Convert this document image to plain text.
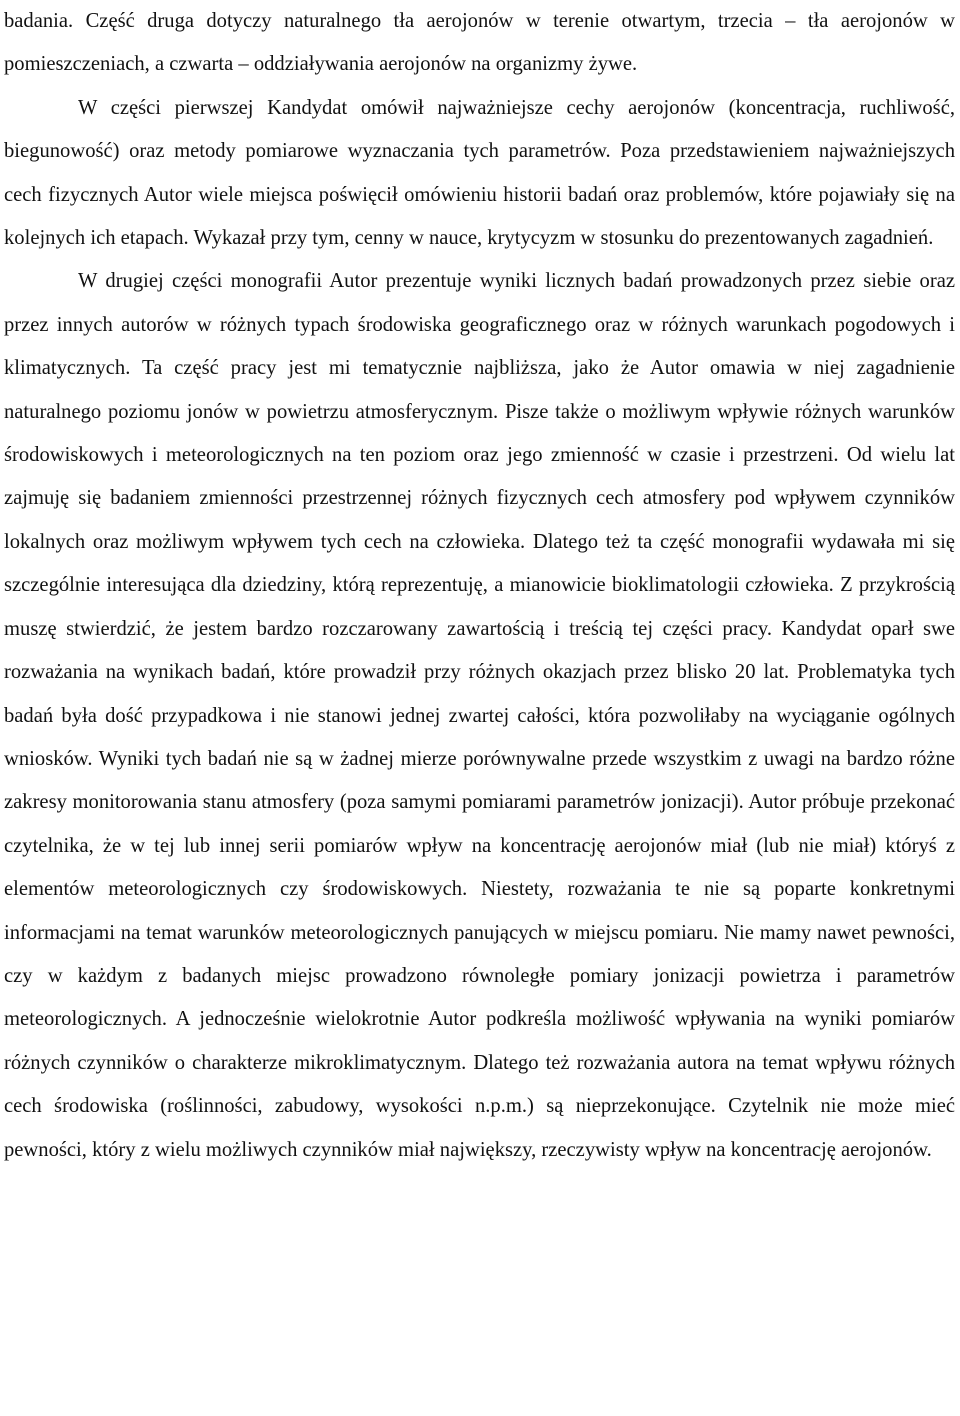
badania. Część druga dotyczy naturalnego tła aerojonów w terenie otwartym, trzecia – tła aerojonów w pomieszczeniach, a czwarta – oddziaływania aerojonów na organizmy żywe.

W części pierwszej Kandydat omówił najważniejsze cechy aerojonów (koncentracja, ruchliwość, biegunowość) oraz metody pomiarowe wyznaczania tych parametrów. Poza przedstawieniem najważniejszych cech fizycznych Autor wiele miejsca poświęcił omówieniu historii badań oraz problemów, które pojawiały się na kolejnych ich etapach. Wykazał przy tym, cenny w nauce, krytycyzm w stosunku do prezentowanych zagadnień.

W drugiej części monografii Autor prezentuje wyniki licznych badań prowadzonych przez siebie oraz przez innych autorów w różnych typach środowiska geograficznego oraz w różnych warunkach pogodowych i klimatycznych. Ta część pracy jest mi tematycznie najbliższa, jako że Autor omawia w niej zagadnienie naturalnego poziomu jonów w powietrzu atmosferycznym. Pisze także o możliwym wpływie różnych warunków środowiskowych i meteorologicznych na ten poziom oraz jego zmienność w czasie i przestrzeni. Od wielu lat zajmuję się badaniem zmienności przestrzennej różnych fizycznych cech atmosfery pod wpływem czynników lokalnych oraz możliwym wpływem tych cech na człowieka. Dlatego też ta część monografii wydawała mi się szczególnie interesująca dla dziedziny, którą reprezentuję, a mianowicie bioklimatologii człowieka. Z przykrością muszę stwierdzić, że jestem bardzo rozczarowany zawartością i treścią tej części pracy. Kandydat oparł swe rozważania na wynikach badań, które prowadził przy różnych okazjach przez blisko 20 lat. Problematyka tych badań była dość przypadkowa i nie stanowi jednej zwartej całości, która pozwoliłaby na wyciąganie ogólnych wniosków. Wyniki tych badań nie są w żadnej mierze porównywalne przede wszystkim z uwagi na bardzo różne zakresy monitorowania stanu atmosfery (poza samymi pomiarami parametrów jonizacji). Autor próbuje przekonać czytelnika, że w tej lub innej serii pomiarów wpływ na koncentrację aerojonów miał (lub nie miał) któryś z elementów meteorologicznych czy środowiskowych. Niestety, rozważania te nie są poparte konkretnymi informacjami na temat warunków meteorologicznych panujących w miejscu pomiaru. Nie mamy nawet pewności, czy w każdym z badanych miejsc prowadzono równoległe pomiary jonizacji powietrza i parametrów meteorologicznych. A jednocześnie wielokrotnie Autor podkreśla możliwość wpływania na wyniki pomiarów różnych czynników o charakterze mikroklimatycznym. Dlatego też rozważania autora na temat wpływu różnych cech środowiska (roślinności, zabudowy, wysokości n.p.m.) są nieprzekonujące. Czytelnik nie może mieć pewności, który z wielu możliwych czynników miał największy, rzeczywisty wpływ na koncentrację aerojonów.
